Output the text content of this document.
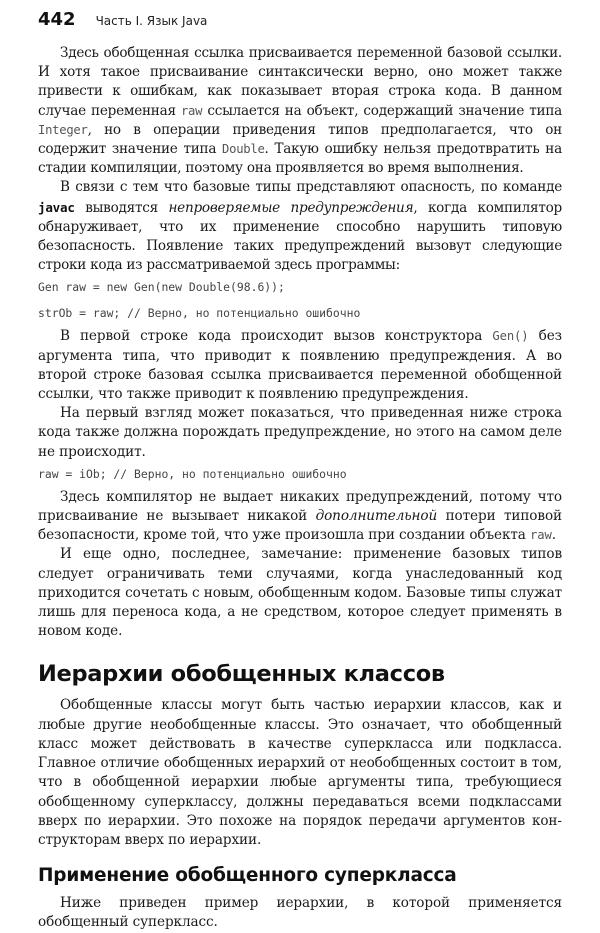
442 Часть I. Язык Java

Здесь обобщенная ссылка присваивается переменной базовой ссылки. И хотя такое присваивание синтаксически верно, оно может также привести к ошибкам, как показывает вторая строка кода. В данном случае переменная raw ссылается на объект, содержащий значение типа Integer, но в операции приведения типов предполагается, что он содержит значение типа Double. Такую ошибку нельзя предотвратить на стадии компиляции, поэтому она проявляется во время выполнения.

В связи с тем что базовые типы представляют опасность, по команде javac выводятся непроверяемые предупреждения, когда компилятор обнаруживает, что их применение способно нарушить типовую безопасность. Появление таких предупреждений вызовут следующие строки кода из рассматриваемой здесь программы:

Gen raw = new Gen(new Double(98.6));
strOb = raw; // Верно, но потенциально ошибочно

В первой строке кода происходит вызов конструктора Gen() без аргумента типа, что приводит к появлению предупреждения. А во второй строке базовая ссылка присваивается переменной обобщенной ссылки, что также приводит к появлению предупреждения.

На первый взгляд может показаться, что приведенная ниже строка кода также должна порождать предупреждение, но этого на самом деле не происходит.

raw = iOb; // Верно, но потенциально ошибочно

Здесь компилятор не выдает никаких предупреждений, потому что присваивание не вызывает никакой дополнительной потери типовой безопасности, кроме той, что уже произошла при создании объекта raw.

И еще одно, последнее, замечание: применение базовых типов следует ограничивать теми случаями, когда унаследованный код приходится сочетать с новым, обобщенным кодом. Базовые типы служат лишь для переноса кода, а не средством, которое следует применять в новом коде.

Иерархии обобщенных классов

Обобщенные классы могут быть частью иерархии классов, как и любые другие необобщенные классы. Это означает, что обобщенный класс может действовать в качестве суперкласса или подкласса. Главное отличие обобщенных иерархий от необобщенных состоит в том, что в обобщенной иерархии любые аргументы типа, требующиеся обобщенному суперклассу, должны передаваться всеми подклассами вверх по иерархии. Это похоже на порядок передачи аргументов конструкторам вверх по иерархии.

Применение обобщенного суперкласса

Ниже приведен пример иерархии, в которой применяется обобщенный суперкласс.
